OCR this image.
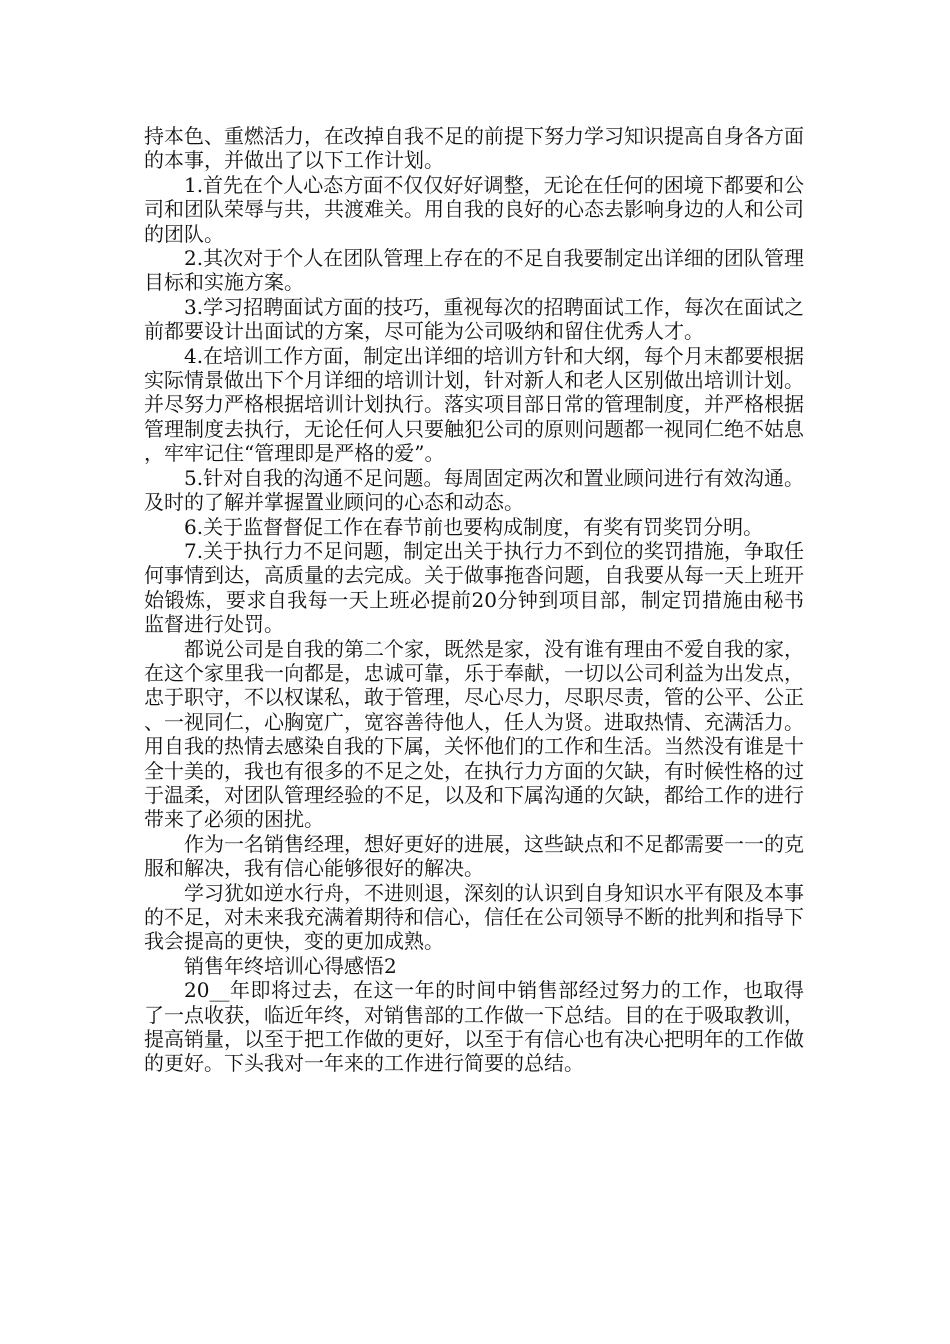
持本色、重燃活力，在改掉自我不足的前提下努力学习知识提高自身各方面的本事，并做出了以下工作计划。

1.首先在个人心态方面不仅仅好好调整，无论在任何的困境下都要和公司和团队荣辱与共，共渡难关。用自我的良好的心态去影响身边的人和公司的团队。

2.其次对于个人在团队管理上存在的不足自我要制定出详细的团队管理目标和实施方案。

3.学习招聘面试方面的技巧，重视每次的招聘面试工作，每次在面试之前都要设计出面试的方案，尽可能为公司吸纳和留住优秀人才。

4.在培训工作方面，制定出详细的培训方针和大纲，每个月末都要根据实际情景做出下个月详细的培训计划，针对新人和老人区别做出培训计划。并尽努力严格根据培训计划执行。落实项目部日常的管理制度，并严格根据管理制度去执行，无论任何人只要触犯公司的原则问题都一视同仁绝不姑息，牢牢记住“管理即是严格的爱”。

5.针对自我的沟通不足问题。每周固定两次和置业顾问进行有效沟通。及时的了解并掌握置业顾问的心态和动态。

6.关于监督督促工作在春节前也要构成制度，有奖有罚奖罚分明。

7.关于执行力不足问题，制定出关于执行力不到位的奖罚措施，争取任何事情到达，高质量的去完成。关于做事拖沓问题，自我要从每一天上班开始锻炼，要求自我每一天上班必提前20分钟到项目部，制定罚措施由秘书监督进行处罚。

都说公司是自我的第二个家，既然是家，没有谁有理由不爱自我的家，在这个家里我一向都是，忠诚可靠，乐于奉献，一切以公司利益为出发点，忠于职守，不以权谋私，敢于管理，尽心尽力，尽职尽责，管的公平、公正、一视同仁，心胸宽广，宽容善待他人，任人为贤。进取热情、充满活力。用自我的热情去感染自我的下属，关怀他们的工作和生活。当然没有谁是十全十美的，我也有很多的不足之处，在执行力方面的欠缺，有时候性格的过于温柔，对团队管理经验的不足，以及和下属沟通的欠缺，都给工作的进行带来了必须的困扰。

作为一名销售经理，想好更好的进展，这些缺点和不足都需要一一的克服和解决，我有信心能够很好的解决。

学习犹如逆水行舟，不进则退，深刻的认识到自身知识水平有限及本事的不足，对未来我充满着期待和信心，信任在公司领导不断的批判和指导下我会提高的更快，变的更加成熟。

销售年终培训心得感悟2

20__年即将过去，在这一年的时间中销售部经过努力的工作，也取得了一点收获，临近年终，对销售部的工作做一下总结。目的在于吸取教训，提高销量，以至于把工作做的更好，以至于有信心也有决心把明年的工作做的更好。下头我对一年来的工作进行简要的总结。
